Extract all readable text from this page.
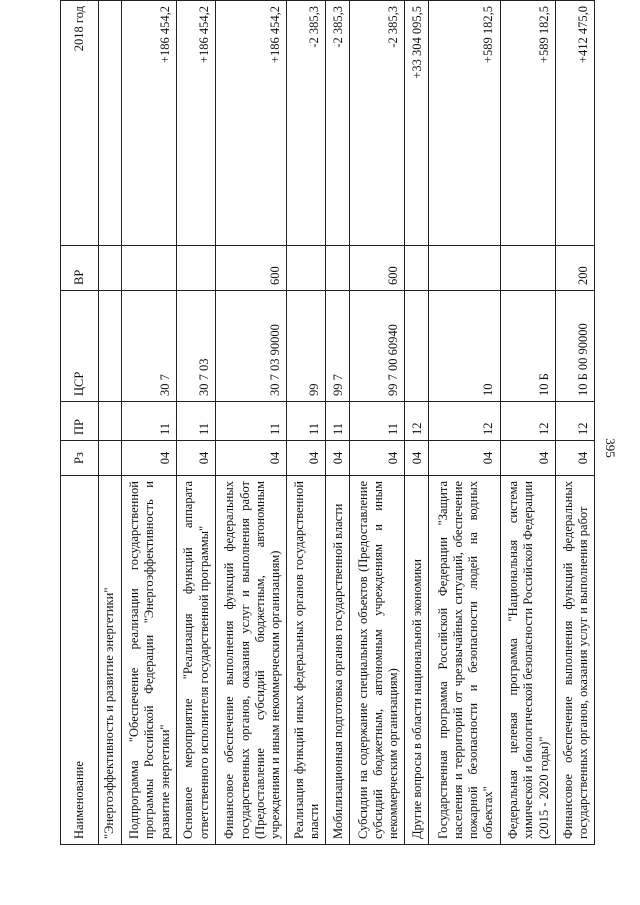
395
Наименование	Рз	ПР	ЦСР	ВР	2018 год
"Энергоэффективность и развитие энергетики"					
Подпрограмма "Обеспечение реализации государственной программы Российской Федерации "Энергоэффективность и развитие энергетики"	04	11	30 7		+186 454,2
Основное мероприятие "Реализация функций аппарата ответственного исполнителя государственной программы"	04	11	30 7 03		+186 454,2
Финансовое обеспечение выполнения функций федеральных государственных органов, оказания услуг и выполнения работ (Предоставление субсидий бюджетным, автономным учреждениям и иным некоммерческим организациям)	04	11	30 7 03 90000	600	+186 454,2
Реализация функций иных федеральных органов государственной власти	04	11	99		-2 385,3
Мобилизационная подготовка органов государственной власти	04	11	99 7		-2 385,3
Субсидии на содержание специальных объектов (Предоставление субсидий бюджетным, автономным учреждениям и иным некоммерческим организациям)	04	11	99 7 00 60940	600	-2 385,3
Другие вопросы в области национальной экономики	04	12			+33 304 095,5
Государственная программа Российской Федерации "Защита населения и территорий от чрезвычайных ситуаций, обеспечение пожарной безопасности и безопасности людей на водных объектах"	04	12	10		+589 182,5
Федеральная целевая программа "Национальная система химической и биологической безопасности Российской Федерации (2015 - 2020 годы)"	04	12	10 Б		+589 182,5
Финансовое обеспечение выполнения функций федеральных государственных органов, оказания услуг и выполнения работ	04	12	10 Б 00 90000	200	+412 475,0
